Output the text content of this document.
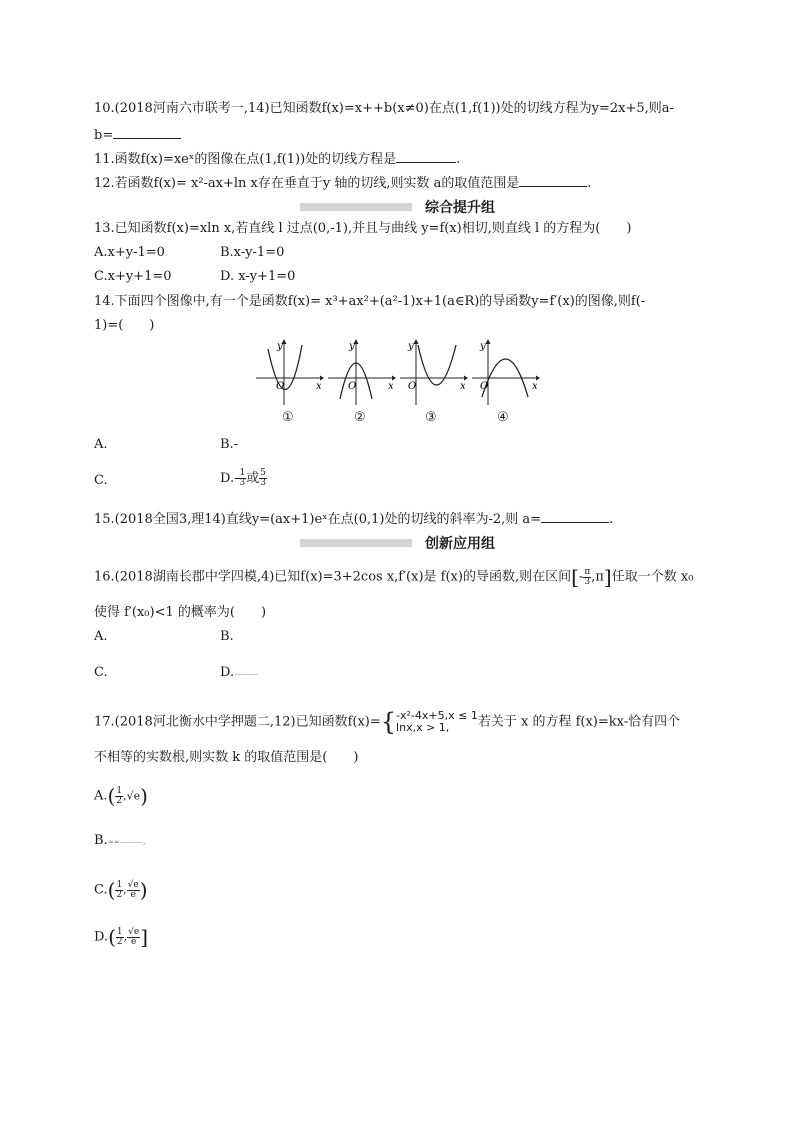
10.(2018河南六市联考一,14)已知函数f(x)=x++b(x≠0)在点(1,f(1))处的切线方程为y=2x+5,则a-
b=
11.函数f(x)=xeˣ的图像在点(1,f(1))处的切线方程是	.
12.若函数f(x)= x²-ax+ln x存在垂直于y 轴的切线,则实数 a的取值范围是	.
综合提升组
13.已知函数f(x)=xln x,若直线 l 过点(0,-1),并且与曲线 y=f(x)相切,则直线 l 的方程为(　　)
A.x+y-1=0	B.x-y-1=0
C.x+y+1=0	D. x-y+1=0
14.下面四个图像中,有一个是函数f(x)= x³+ax²+(a²-1)x+1(a∈R)的导函数y=f′(x)的图像,则f(-
1)=(　　)
y
x
O
y
x
O
y
x
O
y
x
O
①	②	③	④
A.	B.-
C.	$D.- \frac{1}{3}$ 或 $\frac{5}{3}$
15.(2018全国3,理14)直线y=(ax+1)eˣ在点(0,1)处的切线的斜率为-2,则 a=	.
创新应用组
16.(2018湖南长郡中学四模,4)已知f(x)=3+2cos x,f′(x)是 f(x)的导函数,则在区间[- $\frac{\pi}{3} ,\pi$]任取一个数 x₀
使得 f′(x₀)<1 的概率为(　　)
A.	B.
C.	D.⸺⸺
17.(2018河北衡水中学押题二,12)已知函数f(x)={ -x²-4x+5,x ≤ 1
lnx,x > 1,	若关于 x 的方程 f(x)=kx-恰有四个
不相等的实数根,则实数 k 的取值范围是(　　)
$A.( \frac{1}{2} ,√e)$
B.≈≈⸺⸺,
$C.( \frac{1}{2}$ , $\frac{√e}{e}$ )
$D.( \frac{1}{2}$ , $\frac{√e}{e}$ ]
